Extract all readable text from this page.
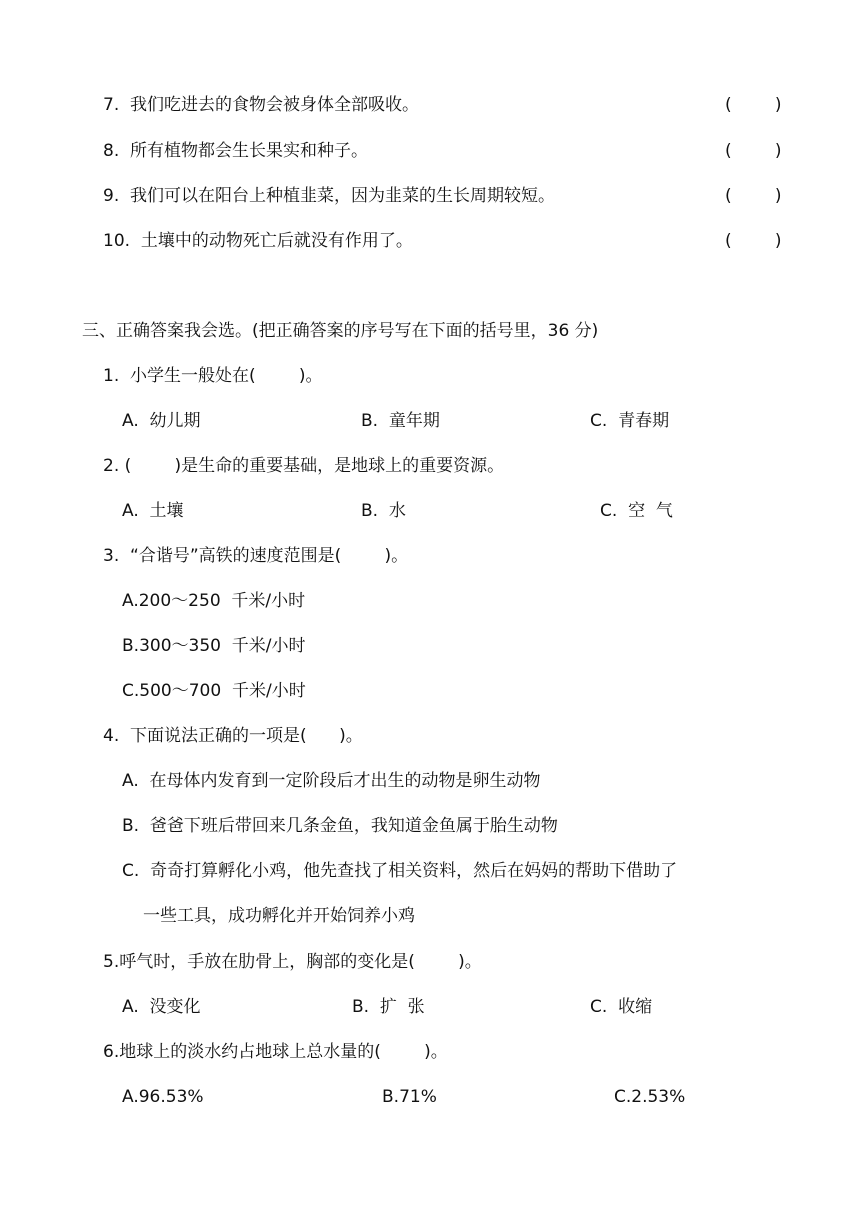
7.  我们吃进去的食物会被身体全部吸收。	(        )
8.  所有植物都会生长果实和种子。	(        )
9.  我们可以在阳台上种植韭菜，因为韭菜的生长周期较短。	(        )
10.  土壤中的动物死亡后就没有作用了。	(        )
三、正确答案我会选。(把正确答案的序号写在下面的括号里，36 分)
1.  小学生一般处在(        )。
A.  幼儿期	B.  童年期	C.  青春期
2. (        )是生命的重要基础，是地球上的重要资源。
A.  土壤	B.  水	C.  空  气
3.  “合谐号”高铁的速度范围是(        )。
A.200～250  千米/小时
B.300～350  千米/小时
C.500～700  千米/小时
4.  下面说法正确的一项是(      )。
A.  在母体内发育到一定阶段后才出生的动物是卵生动物
B.  爸爸下班后带回来几条金鱼，我知道金鱼属于胎生动物
C.  奇奇打算孵化小鸡，他先查找了相关资料，然后在妈妈的帮助下借助了
一些工具，成功孵化并开始饲养小鸡
5.呼气时，手放在肋骨上，胸部的变化是(        )。
A.  没变化	B.  扩  张	C.  收缩
6.地球上的淡水约占地球上总水量的(        )。
A.96.53%	B.71%	C.2.53%
